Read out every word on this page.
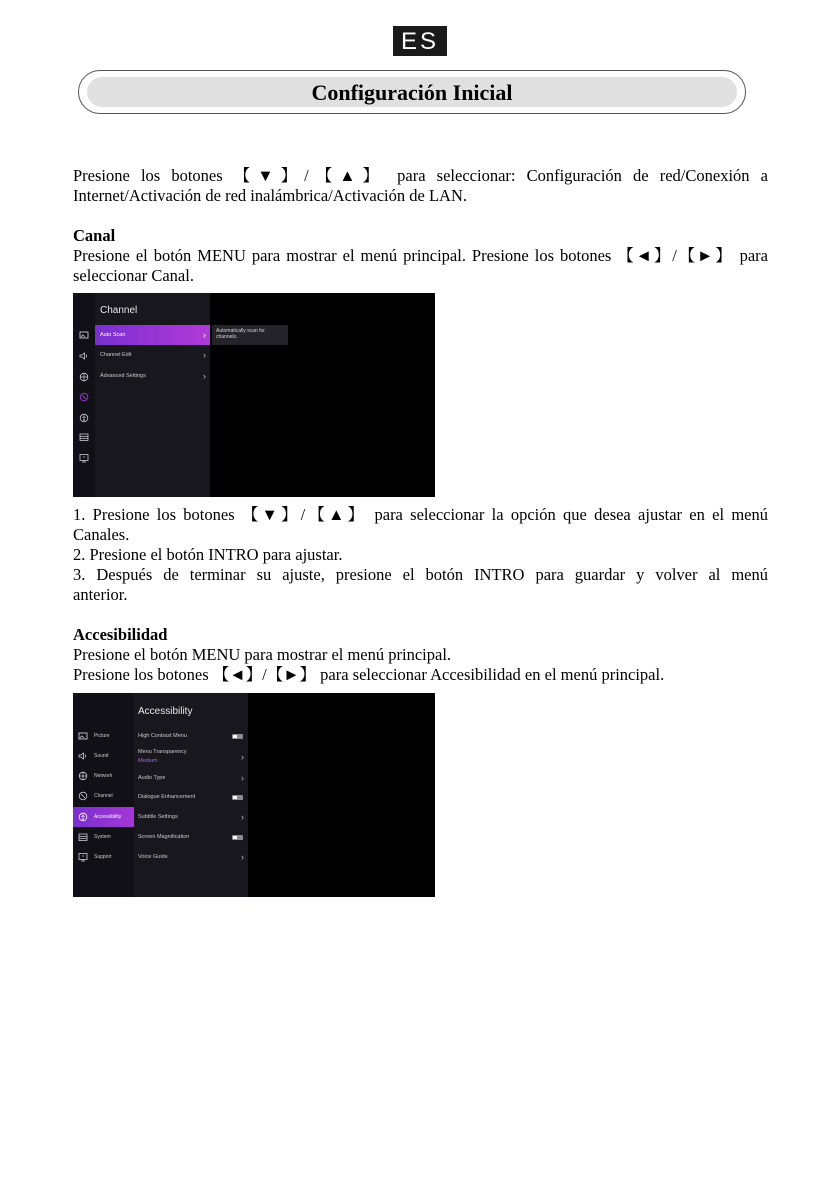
ES
Configuración Inicial
Presione los botones 【▼】/【▲】 para seleccionar: Configuración de red/Conexión a
Internet/Activación de red inalámbrica/Activación de LAN.
Canal
Presione el botón MENU para mostrar el menú principal. Presione los botones 【◄】/【►】 para
seleccionar Canal.
Channel
Auto Scan	›
Channel Edit	›
Advanced Settings	›
Automatically scan for channels.
1. Presione los botones 【▼】/【▲】 para seleccionar la opción que desea ajustar en el menú
Canales.
2. Presione el botón INTRO para ajustar.
3. Después de terminar su ajuste, presione el botón INTRO para guardar y volver al menú
anterior.
Accesibilidad
Presione el botón MENU para mostrar el menú principal.
Presione los botones 【◄】/【►】 para seleccionar Accesibilidad en el menú principal.
Picture
Sound
Network
Channel
Accessibility
System
Support
Accessibility
High Contrast Menu
Menu Transparency
Medium	›
Audio Type	›
Dialogue Enhancement
Subtitle Settings	›
Screen Magnification
Voice Guide	›
